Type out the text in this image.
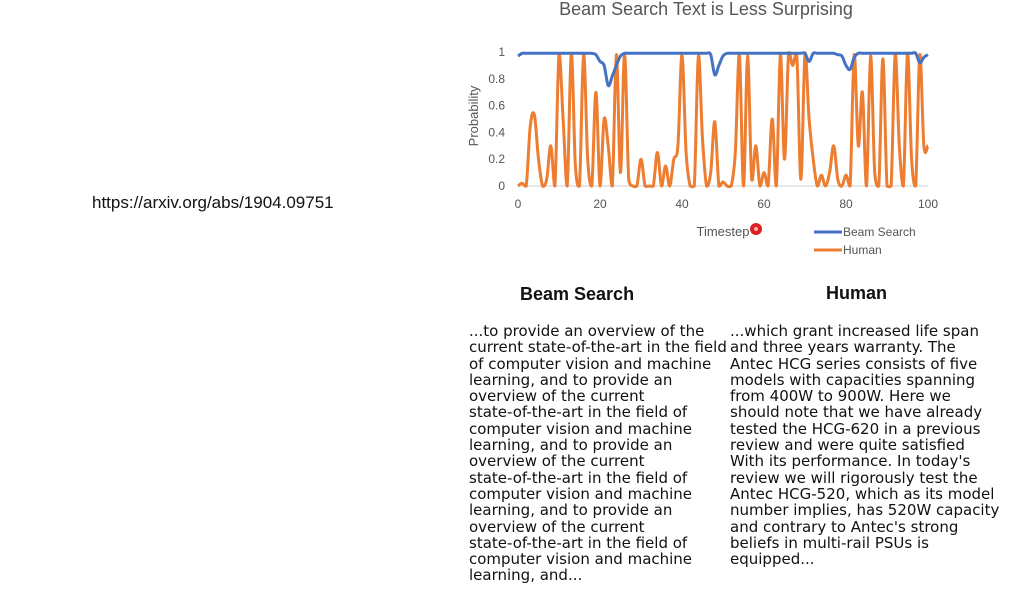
https://arxiv.org/abs/1904.09751
Beam Search Text is Less Surprising
0
0.2
0.4
0.6
0.8
1
0	20	40	60	80	100
Probability
Timestep	Beam Search
Human
Beam Search	Human
...to provide an overview of the
current state-of-the-art in the field
of computer vision and machine
learning, and to provide an
overview of the current
state-of-the-art in the field of
computer vision and machine
learning, and to provide an
overview of the current
state-of-the-art in the field of
computer vision and machine
learning, and to provide an
overview of the current
state-of-the-art in the field of
computer vision and machine
learning, and...
...which grant increased life span
and three years warranty. The
Antec HCG series consists of five
models with capacities spanning
from 400W to 900W. Here we
should note that we have already
tested the HCG-620 in a previous
review and were quite satisfied
With its performance. In today's
review we will rigorously test the
Antec HCG-520, which as its model
number implies, has 520W capacity
and contrary to Antec's strong
beliefs in multi-rail PSUs is
equipped...
